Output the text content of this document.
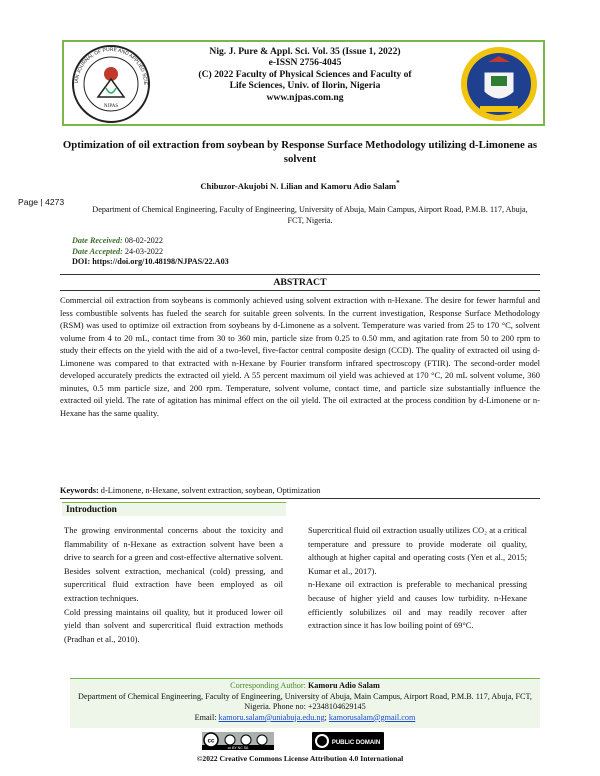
NJPAS
IAN JOURNAL OF PURE AND APPLIED SCIE
Nig. J. Pure & Appl. Sci. Vol. 35 (Issue 1, 2022)
e-ISSN 2756-4045
(C) 2022 Faculty of Physical Sciences and Faculty of
Life Sciences, Univ. of Ilorin, Nigeria
www.njpas.com.ng
Optimization of oil extraction from soybean by Response Surface Methodology utilizing d-Limonene as solvent
Chibuzor-Akujobi N. Lilian and Kamoru Adio Salam*
Page | 4273
Department of Chemical Engineering, Faculty of Engineering, University of Abuja, Main Campus, Airport Road, P.M.B. 117, Abuja, FCT, Nigeria.
Date Received: 08-02-2022
Date Accepted: 24-03-2022
DOI: https://doi.org/10.48198/NJPAS/22.A03
ABSTRACT
Commercial oil extraction from soybeans is commonly achieved using solvent extraction with n-Hexane. The desire for fewer harmful and less combustible solvents has fueled the search for suitable green solvents. In the current investigation, Response Surface Methodology (RSM) was used to optimize oil extraction from soybeans by d-Limonene as a solvent. Temperature was varied from 25 to 170 °C, solvent volume from 4 to 20 mL, contact time from 30 to 360 min, particle size from 0.25 to 0.50 mm, and agitation rate from 50 to 200 rpm to study their effects on the yield with the aid of a two-level, five-factor central composite design (CCD). The quality of extracted oil using d-Limonene was compared to that extracted with n-Hexane by Fourier transform infrared spectroscopy (FTIR). The second-order model developed accurately predicts the extracted oil yield. A 55 percent maximum oil yield was achieved at 170 °C, 20 mL solvent volume, 360 minutes, 0.5 mm particle size, and 200 rpm. Temperature, solvent volume, contact time, and particle size substantially influence the extracted oil yield. The rate of agitation has minimal effect on the oil yield. The oil extracted at the process condition by d-Limonene or n-Hexane has the same quality.
Keywords: d-Limonene, n-Hexane, solvent extraction, soybean, Optimization
Introduction

The growing environmental concerns about the toxicity and flammability of n-Hexane as extraction solvent have been a drive to search for a green and cost-effective alternative solvent. Besides solvent extraction, mechanical (cold) pressing, and supercritical fluid extraction have been employed as oil extraction techniques.

Cold pressing maintains oil quality, but it produced lower oil yield than solvent and supercritical fluid extraction methods (Pradhan et al., 2010).

Supercritical fluid oil extraction usually utilizes CO₂ at a critical temperature and pressure to provide moderate oil quality, although at higher capital and operating costs (Yen et al., 2015; Kumar et al., 2017).

n-Hexane oil extraction is preferable to mechanical pressing because of higher yield and causes low turbidity. n-Hexane efficiently solubilizes oil and may readily recover after extraction since it has low boiling point of 69°C.

Corresponding Author: Kamoru Adio Salam
Department of Chemical Engineering, Faculty of Engineering, University of Abuja, Main Campus, Airport Road, P.M.B. 117, Abuja, FCT, Nigeria. Phone no: +2348104629145
Email: kamoru.salam@uniabuja.edu.ng; kamorusalam@gmail.com
cc
cc BY NC SA
PUBLIC DOMAIN
©2022 Creative Commons License Attribution 4.0 International
